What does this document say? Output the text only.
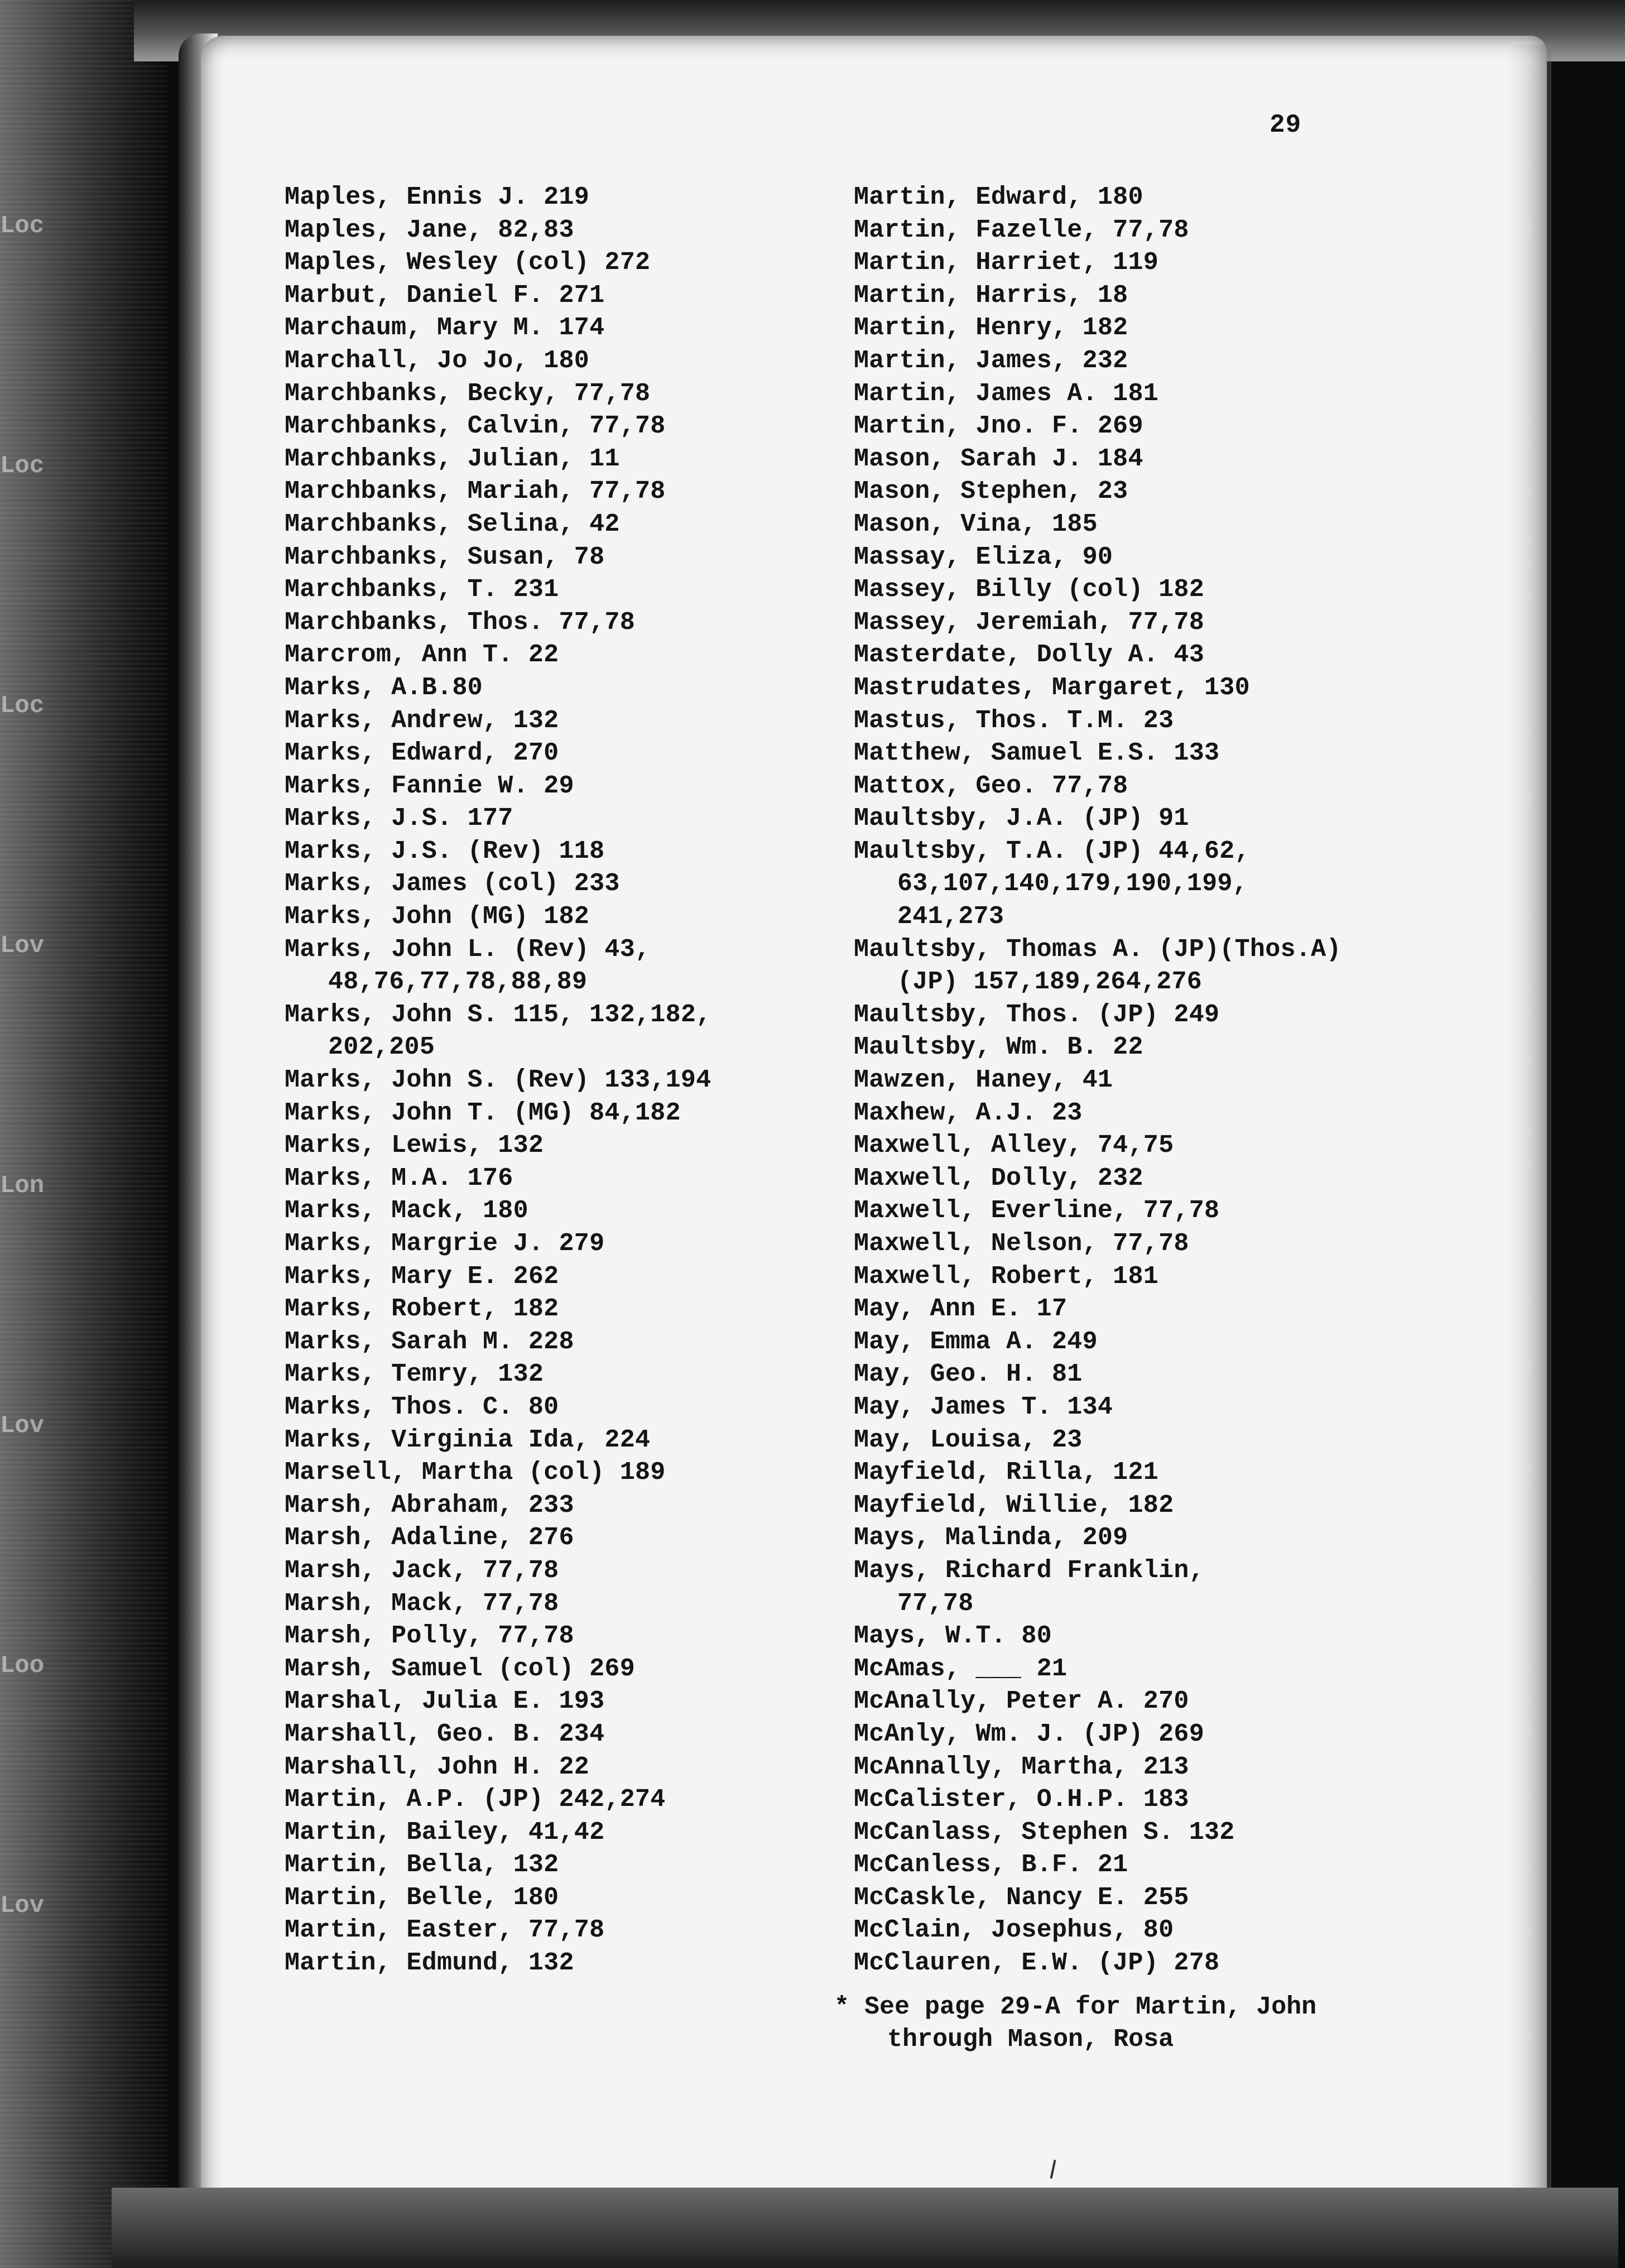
Loc
Loc
Loc
Lov
Lon
Lov
Loo
Lov
29
Maples, Ennis J. 219
Maples, Jane, 82,83
Maples, Wesley (col) 272
Marbut, Daniel F. 271
Marchaum, Mary M. 174
Marchall, Jo Jo, 180
Marchbanks, Becky, 77,78
Marchbanks, Calvin, 77,78
Marchbanks, Julian, 11
Marchbanks, Mariah, 77,78
Marchbanks, Selina, 42
Marchbanks, Susan, 78
Marchbanks, T. 231
Marchbanks, Thos. 77,78
Marcrom, Ann T. 22
Marks, A.B.80
Marks, Andrew, 132
Marks, Edward, 270
Marks, Fannie W. 29
Marks, J.S. 177
Marks, J.S. (Rev) 118
Marks, James (col) 233
Marks, John (MG) 182
Marks, John L. (Rev) 43,
48,76,77,78,88,89
Marks, John S. 115, 132,182,
202,205
Marks, John S. (Rev) 133,194
Marks, John T. (MG) 84,182
Marks, Lewis, 132
Marks, M.A. 176
Marks, Mack, 180
Marks, Margrie J. 279
Marks, Mary E. 262
Marks, Robert, 182
Marks, Sarah M. 228
Marks, Temry, 132
Marks, Thos. C. 80
Marks, Virginia Ida, 224
Marsell, Martha (col) 189
Marsh, Abraham, 233
Marsh, Adaline, 276
Marsh, Jack, 77,78
Marsh, Mack, 77,78
Marsh, Polly, 77,78
Marsh, Samuel (col) 269
Marshal, Julia E. 193
Marshall, Geo. B. 234
Marshall, John H. 22
Martin, A.P. (JP) 242,274
Martin, Bailey, 41,42
Martin, Bella, 132
Martin, Belle, 180
Martin, Easter, 77,78
Martin, Edmund, 132
Martin, Edward, 180
Martin, Fazelle, 77,78
Martin, Harriet, 119
Martin, Harris, 18
Martin, Henry, 182
Martin, James, 232
Martin, James A. 181
Martin, Jno. F. 269
Mason, Sarah J. 184
Mason, Stephen, 23
Mason, Vina, 185
Massay, Eliza, 90
Massey, Billy (col) 182
Massey, Jeremiah, 77,78
Masterdate, Dolly A. 43
Mastrudates, Margaret, 130
Mastus, Thos. T.M. 23
Matthew, Samuel E.S. 133
Mattox, Geo. 77,78
Maultsby, J.A. (JP) 91
Maultsby, T.A. (JP) 44,62,
63,107,140,179,190,199,
241,273
Maultsby, Thomas A. (JP)(Thos.A)
(JP) 157,189,264,276
Maultsby, Thos. (JP) 249
Maultsby, Wm. B. 22
Mawzen, Haney, 41
Maxhew, A.J. 23
Maxwell, Alley, 74,75
Maxwell, Dolly, 232
Maxwell, Everline, 77,78
Maxwell, Nelson, 77,78
Maxwell, Robert, 181
May, Ann E. 17
May, Emma A. 249
May, Geo. H. 81
May, James T. 134
May, Louisa, 23
Mayfield, Rilla, 121
Mayfield, Willie, 182
Mays, Malinda, 209
Mays, Richard Franklin,
77,78
Mays, W.T. 80
McAmas, ___ 21
McAnally, Peter A. 270
McAnly, Wm. J. (JP) 269
McAnnally, Martha, 213
McCalister, O.H.P. 183
McCanlass, Stephen S. 132
McCanless, B.F. 21
McCaskle, Nancy E. 255
McClain, Josephus, 80
McClauren, E.W. (JP) 278
* See page 29-A for Martin, John
through Mason, Rosa
